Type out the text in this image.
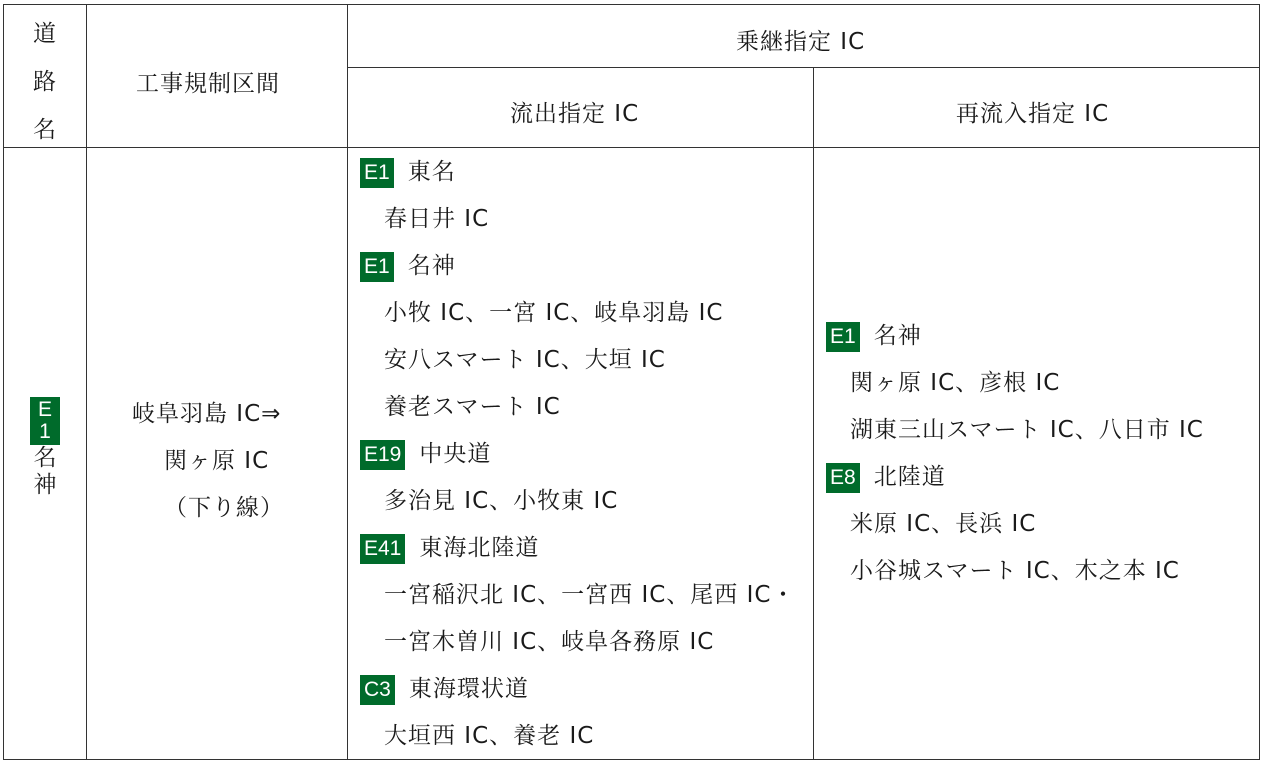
道
路
名
工事規制区間
乗継指定 IC
流出指定 IC	再流入指定 IC
E
1
名
神
岐阜羽島 IC⇒
関ヶ原 IC
（下り線）
E1 東名
春日井 IC
E1 名神
小牧 IC、一宮 IC、岐阜羽島 IC
安八スマート IC、大垣 IC
養老スマート IC
E19 中央道
多治見 IC、小牧東 IC
E41 東海北陸道
一宮稲沢北 IC、一宮西 IC、尾西 IC・
一宮木曽川 IC、岐阜各務原 IC
C3 東海環状道
大垣西 IC、養老 IC
E1 名神
関ヶ原 IC、彦根 IC
湖東三山スマート IC、八日市 IC
E8 北陸道
米原 IC、長浜 IC
小谷城スマート IC、木之本 IC
